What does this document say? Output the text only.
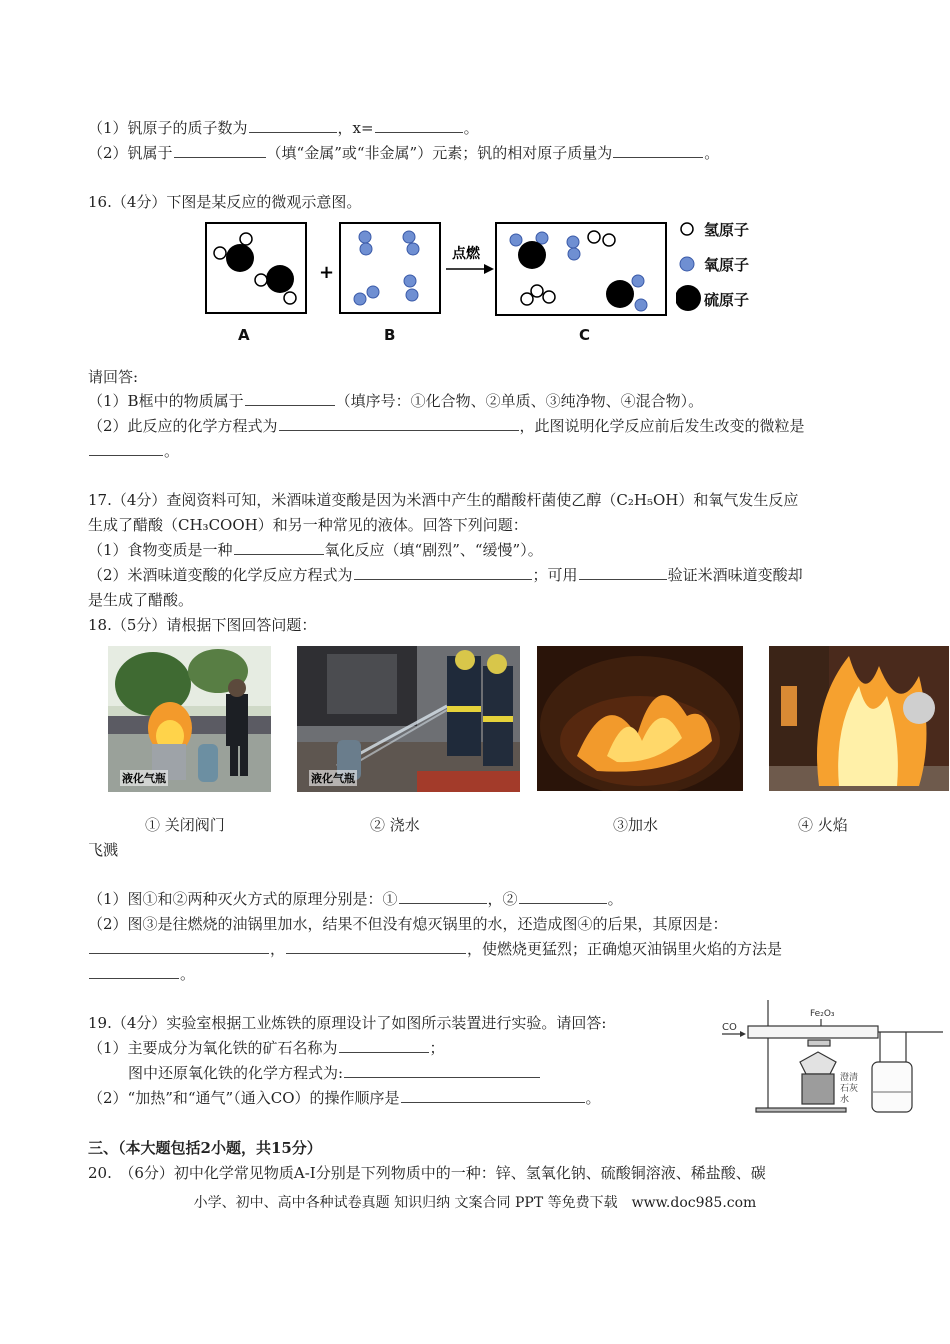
（1）钒原子的质子数为	，x=	。
（2）钒属于	（填“金属”或“非金属”）元素；钒的相对原子质量为	。
16.（4分）下图是某反应的微观示意图。
+
点燃
A	B	C
氢原子
氧原子
硫原子
请回答:
（1）B框中的物质属于	（填序号：①化合物、②单质、③纯净物、④混合物）。
（2）此反应的化学方程式为	，此图说明化学反应前后发生改变的微粒是
。
17.（4分）查阅资料可知，米酒味道变酸是因为米酒中产生的醋酸杆菌使乙醇（C₂H₅OH）和氧气发生反应
生成了醋酸（CH₃COOH）和另一种常见的液体。回答下列问题：
（1）食物变质是一种	氧化反应（填“剧烈”、“缓慢”）。
（2）米酒味道变酸的化学反应方程式为	；可用	验证米酒味道变酸却
是生成了醋酸。
18.（5分）请根据下图回答问题：
液化气瓶	液化气瓶
① 关闭阀门	② 浇水	③加水	④ 火焰
飞溅
（1）图①和②两种灭火方式的原理分别是：①	，②	。
（2）图③是往燃烧的油锅里加水，结果不但没有熄灭锅里的水，还造成图④的后果，其原因是：
，	，使燃烧更猛烈；正确熄灭油锅里火焰的方法是
。
19.（4分）实验室根据工业炼铁的原理设计了如图所示装置进行实验。请回答:
（1）主要成分为氧化铁的矿石名称为	；
图中还原氧化铁的化学方程式为:
（2）“加热”和“通气”（通入CO）的操作顺序是	。
CO
Fe₂O₃
澄清
石灰
水
三、（本大题包括2小题，共15分）
20.　（6分）初中化学常见物质A-I分别是下列物质中的一种：锌、氢氧化钠、硫酸铜溶液、稀盐酸、碳
小学、初中、高中各种试卷真题 知识归纳 文案合同 PPT 等免费下载　www.doc985.com
